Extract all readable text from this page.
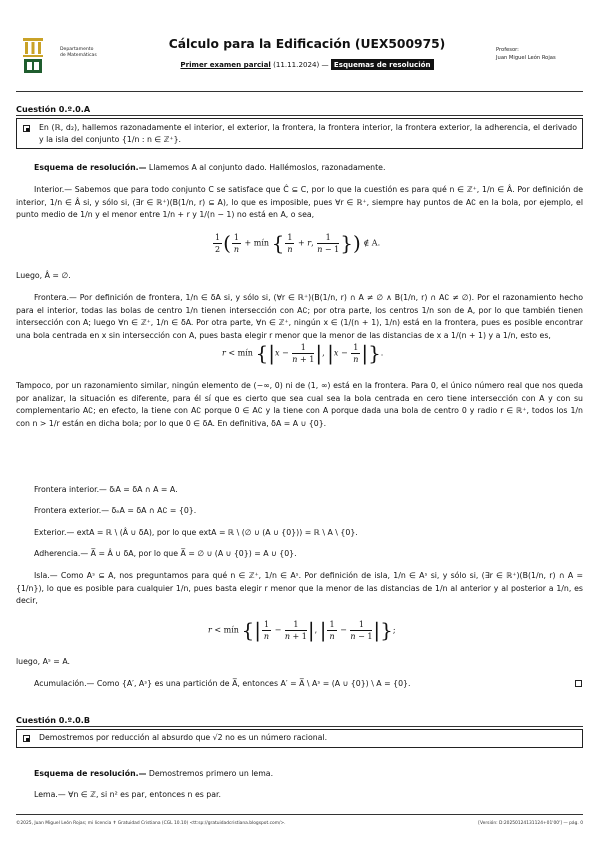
Departamento
de Matemáticas
Cálculo para la Edificación (UEX500975)
Primer examen parcial (11.11.2024) — Esquemas de resolución
Profesor:
Juan Miguel León Rojas
Cuestión 0.º.0.A
En (ℝ, d₂), hallemos razonadamente el interior, el exterior, la frontera, la frontera interior, la frontera exterior, la adherencia, el derivado y la isla del conjunto {1/n : n ∈ ℤ⁺}.
Esquema de resolución.— Llamemos A al conjunto dado. Hallémoslos, razonadamente.
Interior.— Sabemos que para todo conjunto C se satisface que Ĉ ⊆ C, por lo que la cuestión es para qué n ∈ ℤ⁺, 1/n ∈ Â. Por definición de interior, 1/n ∈ Â si, y sólo si, (∃r ∈ ℝ⁺)(B(1/n, r) ⊆ A), lo que es imposible, pues ∀r ∈ ℝ⁺, siempre hay puntos de A∁ en la bola, por ejemplo, el punto medio de 1/n y el menor entre 1/n + r y 1/(n − 1) no está en A, o sea,
$\frac{1}{2}$ ( $\frac{1}{n}$ + mín { $\frac{1}{n} + r$, $\frac{1}{n - 1}$ }) ∉ A.
Luego, Â = ∅.
Frontera.— Por definición de frontera, 1/n ∈ δA si, y sólo si, (∀r ∈ ℝ⁺)(B(1/n, r) ∩ A ≠ ∅ ∧ B(1/n, r) ∩ A∁ ≠ ∅). Por el razonamiento hecho para el interior, todas las bolas de centro 1/n tienen intersección con A∁; por otra parte, los centros 1/n son de A, por lo que también tienen intersección con A; luego ∀n ∈ ℤ⁺, 1/n ∈ δA. Por otra parte, ∀n ∈ ℤ⁺, ningún x ∈ (1/(n + 1), 1/n) está en la frontera, pues es posible encontrar una bola centrada en x sin intersección con A, pues basta elegir r menor que la menor de las distancias de x a 1/(n + 1) y a 1/n, esto es,
r < mín {$|x - \frac{1}{n + 1}$ |, $|x - \frac{1}{n}$ |}.
Tampoco, por un razonamiento similar, ningún elemento de (−∞, 0) ni de (1, ∞) está en la frontera. Para 0, el único número real que nos queda por analizar, la situación es diferente, para él sí que es cierto que sea cual sea la bola centrada en cero tiene intersección con A y con su complementario A∁; en efecto, la tiene con A∁ porque 0 ∈ A∁ y la tiene con A porque dada una bola de centro 0 y radio r ∈ ℝ⁺, todos los 1/n con n > 1/r están en dicha bola; por lo que 0 ∈ δA. En definitiva, δA = A ∪ {0}.
Frontera interior.— δᵢA = δA ∩ A = A.
Frontera exterior.— δₑA = δA ∩ A∁ = {0}.
Exterior.— extA = ℝ \ (Â ∪ δA), por lo que extA = ℝ \ (∅ ∪ (A ∪ {0})) = ℝ \ A \ {0}.
Adherencia.— A̅ = Â ∪ δA, por lo que A̅ = ∅ ∪ (A ∪ {0}) = A ∪ {0}.
Isla.— Como Aˢ ⊆ A, nos preguntamos para qué n ∈ ℤ⁺, 1/n ∈ Aˢ. Por definición de isla, 1/n ∈ Aˢ si, y sólo si, (∃r ∈ ℝ⁺)(B(1/n, r) ∩ A = {1/n}), lo que es posible para cualquier 1/n, pues basta elegir r menor que la menor de las distancias de 1/n al anterior y al posterior a 1/n, es decir,
r < mín {| $\frac{1}{n} - \frac{1}{n + 1}$ |, | $\frac{1}{n} - \frac{1}{n - 1}$ |};
luego, Aˢ = A.
Acumulación.— Como {A′, Aˢ} es una partición de A̅, entonces A′ = A̅ \ Aˢ = (A ∪ {0}) \ A = {0}.
Cuestión 0.º.0.B
Demostremos por reducción al absurdo que √2 no es un número racional.
Esquema de resolución.— Demostremos primero un lema.
Lema.— ∀n ∈ ℤ, si n² es par, entonces n es par.
©2025, Juan Miguel León Rojas; mi licencia ✝ Gratuidad Cristiana (CGL 10.10) <tt:sp://gratuidadcristiana.blogspot.com/>.	[Versión: D:20250124131124+01'00'] — pág. 0
